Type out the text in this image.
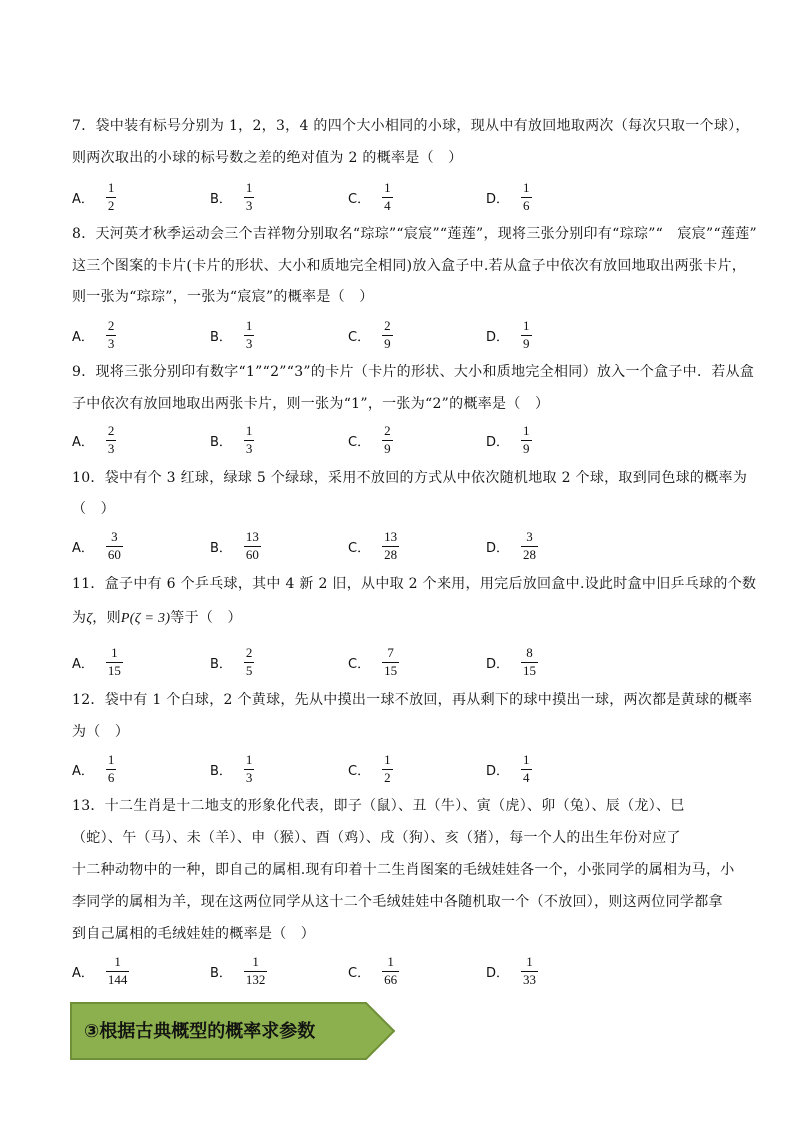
7．袋中装有标号分别为 1，2，3，4 的四个大小相同的小球，现从中有放回地取两次（每次只取一个球），
则两次取出的小球的标号数之差的绝对值为 2 的概率是（　）
A． $\frac{1}{2}$	B． $\frac{1}{3}$	C． $\frac{1}{4}$	D． $\frac{1}{6}$
8．天河英才秋季运动会三个吉祥物分别取名“琮琮”“宸宸”“莲莲”，现将三张分别印有“琮琮”“　宸宸”“莲莲”
这三个图案的卡片(卡片的形状、大小和质地完全相同)放入盒子中.若从盒子中依次有放回地取出两张卡片，
则一张为“琮琮”，一张为“宸宸”的概率是（　）
A． $\frac{2}{3}$	B． $\frac{1}{3}$	C． $\frac{2}{9}$	D． $\frac{1}{9}$
9．现将三张分别印有数字“1”“2”“3”的卡片（卡片的形状、大小和质地完全相同）放入一个盒子中．若从盒
子中依次有放回地取出两张卡片，则一张为“1”，一张为“2”的概率是（　）
A． $\frac{2}{3}$	B． $\frac{1}{3}$	C． $\frac{2}{9}$	D． $\frac{1}{9}$
10．袋中有个 3 红球，绿球 5 个绿球，采用不放回的方式从中依次随机地取 2 个球，取到同色球的概率为
（　）
A． $\frac{3}{60}$	B． $\frac{13}{60}$	C． $\frac{13}{28}$	D． $\frac{3}{28}$
11．盒子中有 6 个乒乓球，其中 4 新 2 旧，从中取 2 个来用，用完后放回盒中.设此时盒中旧乒乓球的个数
为ζ，则P(ζ = 3)等于（　）
A． $\frac{1}{15}$	B． $\frac{2}{5}$	C． $\frac{7}{15}$	D． $\frac{8}{15}$
12．袋中有 1 个白球，2 个黄球，先从中摸出一球不放回，再从剩下的球中摸出一球，两次都是黄球的概率
为（　）
A． $\frac{1}{6}$	B． $\frac{1}{3}$	C． $\frac{1}{2}$	D． $\frac{1}{4}$
13．十二生肖是十二地支的形象化代表，即子（鼠）、丑（牛）、寅（虎）、卯（兔）、辰（龙）、巳
（蛇）、午（马）、未（羊）、申（猴）、酉（鸡）、戌（狗）、亥（猪），每一个人的出生年份对应了
十二种动物中的一种，即自己的属相.现有印着十二生肖图案的毛绒娃娃各一个，小张同学的属相为马，小
李同学的属相为羊，现在这两位同学从这十二个毛绒娃娃中各随机取一个（不放回），则这两位同学都拿
到自己属相的毛绒娃娃的概率是（　）
A． $\frac{1}{144}$	B． $\frac{1}{132}$	C． $\frac{1}{66}$	D． $\frac{1}{33}$
③根据古典概型的概率求参数
